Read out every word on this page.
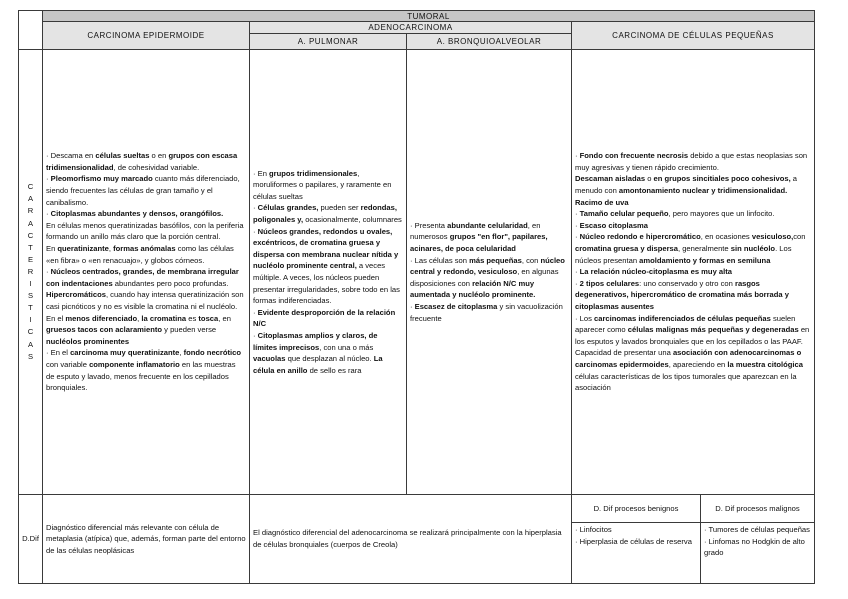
TUMORAL
CARCINOMA EPIDERMOIDE
ADENOCARCINOMA
A. PULMONAR	A. BRONQUIOALVEOLAR
CARCINOMA DE CÉLULAS PEQUEÑAS
C
A
R
A
C
T
E
R
I
S
T
I
C
A
S

· Descama en células sueltas o en grupos con escasa tridimensionalidad, de cohesividad variable.

· Pleomorfismo muy marcado cuanto más diferenciado, siendo frecuentes las células de gran tamaño y el canibalismo.

· Citoplasmas abundantes y densos, orangófilos.

En células menos queratinizadas basófilos, con la periferia formando un anillo más claro que la porción central.

En queratinizante, formas anómalas como las células «en fibra» o «en renacuajo», y globos córneos.

· Núcleos centrados, grandes, de membrana irregular con indentaciones abundantes pero poco profundas. Hipercromáticos, cuando hay intensa queratinización son casi picnóticos y no es visible la cromatina ni el nucléolo.

En el menos diferenciado, la cromatina es tosca, en gruesos tacos con aclaramiento y pueden verse nucléolos prominentes

· En el carcinoma muy queratinizante, fondo necrótico con variable componente inflamatorio en las muestras de esputo y lavado, menos frecuente en los cepillados bronquiales.

· En grupos tridimensionales, moruliformes o papilares, y raramente en células sueltas

· Células grandes, pueden ser redondas, poligonales y, ocasionalmente, columnares

· Núcleos grandes, redondos u ovales, excéntricos, de cromatina gruesa y dispersa con membrana nuclear nítida y nucléolo prominente central, a veces múltiple. A veces, los núcleos pueden presentar irregularidades, sobre todo en las formas indiferenciadas.

· Evidente desproporción de la relación N/C

· Citoplasmas amplios y claros, de límites imprecisos, con una o más vacuolas que desplazan al núcleo. La célula en anillo de sello es rara

· Presenta abundante celularidad, en numerosos grupos "en flor", papilares, acinares, de poca celularidad

· Las células son más pequeñas, con núcleo central y redondo, vesiculoso, en algunas disposiciones con relación N/C muy aumentada y nucléolo prominente.

· Escasez de citoplasma y sin vacuolización frecuente

· Fondo con frecuente necrosis debido a que estas neoplasias son muy agresivas y tienen rápido crecimiento.

Descaman aisladas o en grupos sincitiales poco cohesivos, a menudo con amontonamiento nuclear y tridimensionalidad. Racimo de uva

· Tamaño celular pequeño, pero mayores que un linfocito.

· Escaso citoplasma

· Núcleo redondo e hipercromático, en ocasiones vesiculoso,con cromatina gruesa y dispersa, generalmente sin nucléolo. Los núcleos presentan amoldamiento y formas en semiluna

· La relación núcleo-citoplasma es muy alta

· 2 tipos celulares: uno conservado y otro con rasgos degenerativos, hipercromático de cromatina más borrada y citoplasmas ausentes

· Los carcinomas indiferenciados de células pequeñas suelen aparecer como células malignas más pequeñas y degeneradas en los esputos y lavados bronquiales que en los cepillados o las PAAF.

Capacidad de presentar una asociación con adenocarcinomas o carcinomas epidermoides, apareciendo en la muestra citológica células características de los tipos tumorales que aparezcan en la asociación

D.Dif

Diagnóstico diferencial más relevante con célula de metaplasia (atípica) que, además, forman parte del entorno de las células neoplásicas

El diagnóstico diferencial del adenocarcinoma se realizará principalmente con la hiperplasia de células bronquiales (cuerpos de Creola)

D. Dif procesos benignos	D. Dif procesos malignos
· Linfocitos
· Hiperplasia de células de reserva
· Tumores de células pequeñas
· Linfomas no Hodgkin de alto grado
